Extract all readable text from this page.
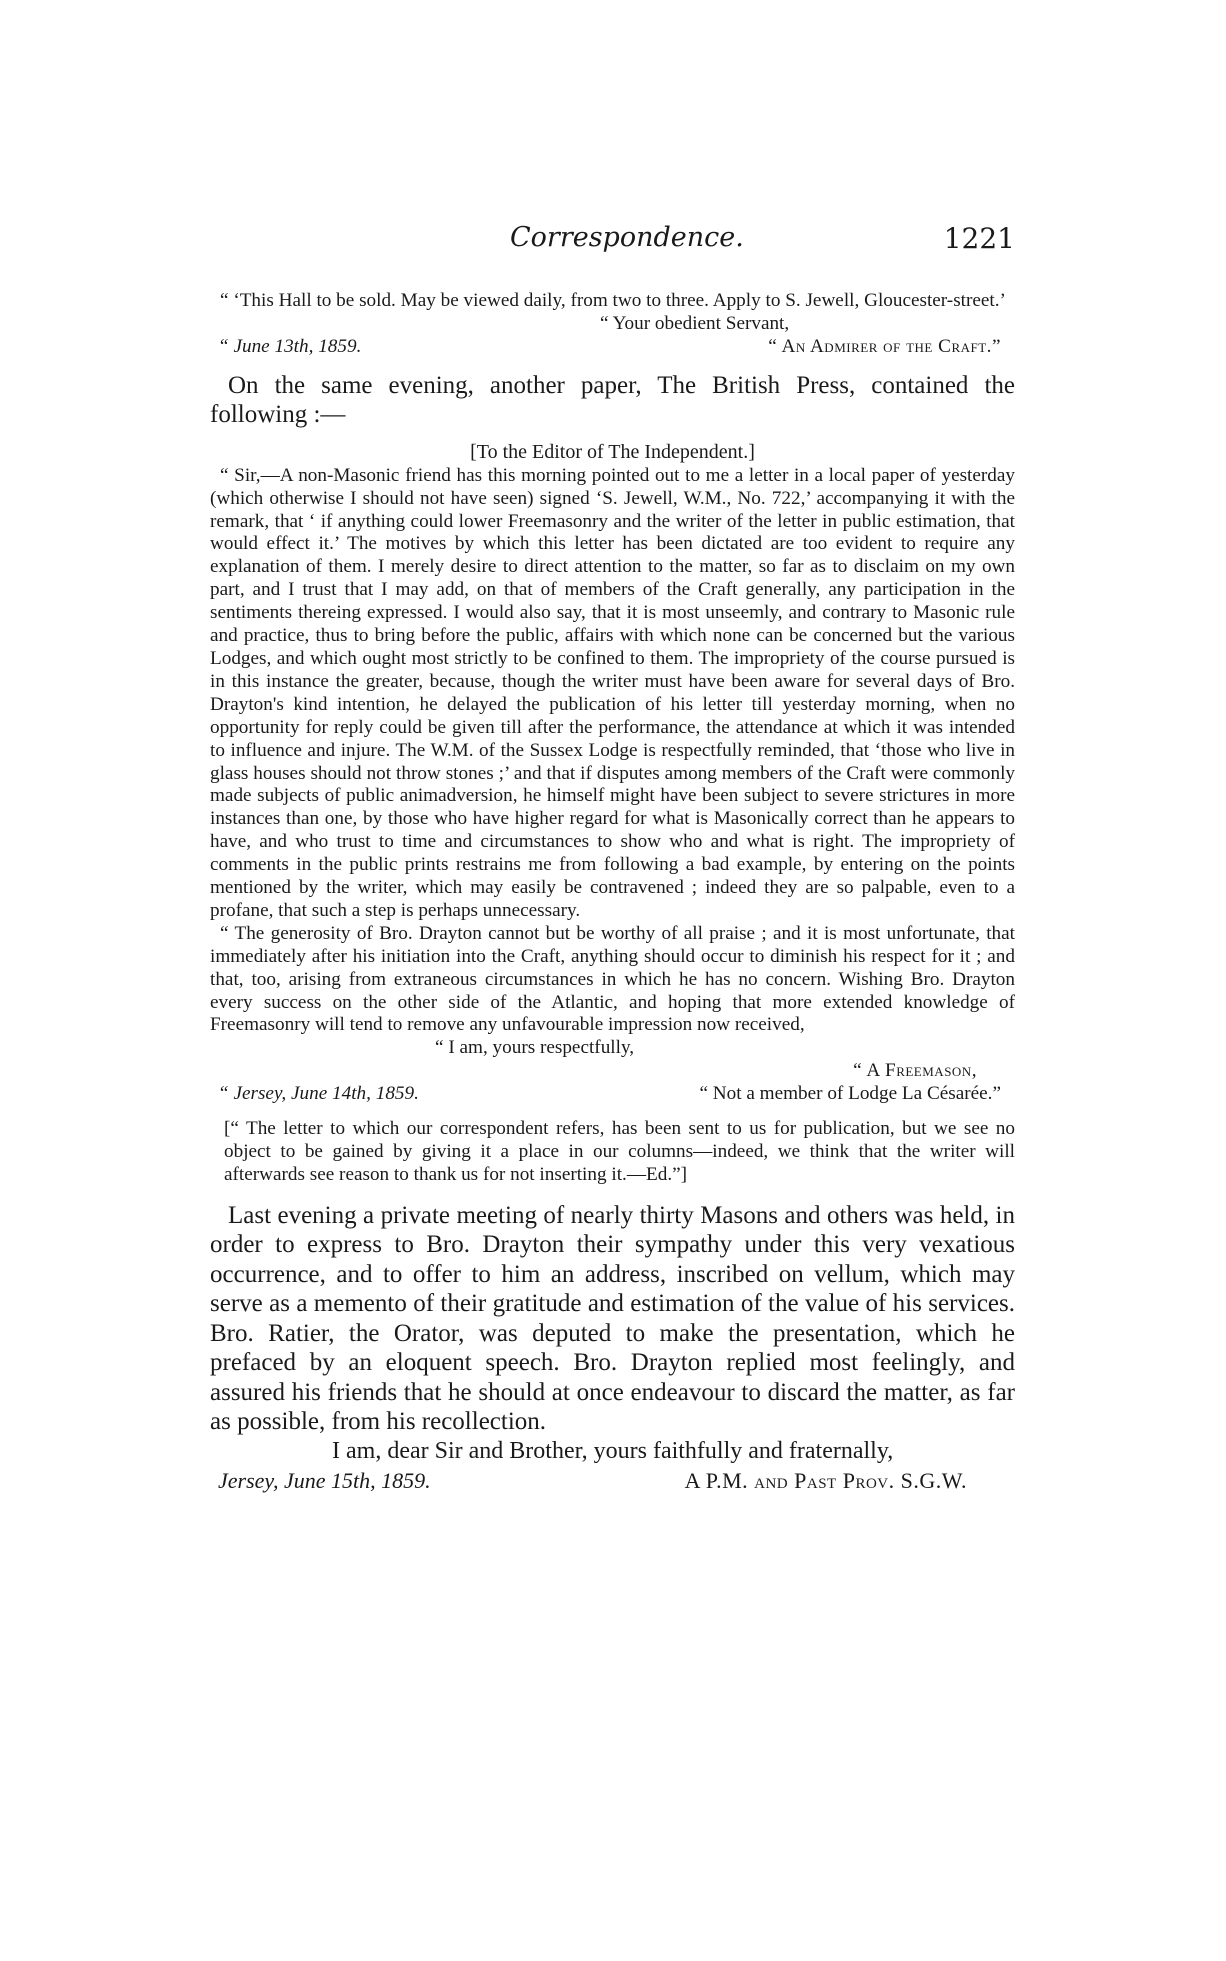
Correspondence.	1221

“ ‘This Hall to be sold. May be viewed daily, from two to three. Apply to S. Jewell, Gloucester-street.’

“ Your obedient Servant,

“ June 13th, 1859.	“ An Admirer of the Craft.”

On the same evening, another paper, The British Press, contained the following :—

[To the Editor of The Independent.]

“ Sir,—A non-Masonic friend has this morning pointed out to me a letter in a local paper of yesterday (which otherwise I should not have seen) signed ‘S. Jewell, W.M., No. 722,’ accompanying it with the remark, that ‘ if anything could lower Freemasonry and the writer of the letter in public estimation, that would effect it.’ The motives by which this letter has been dictated are too evident to require any explanation of them. I merely desire to direct attention to the matter, so far as to disclaim on my own part, and I trust that I may add, on that of members of the Craft generally, any participation in the sentiments thereing expressed. I would also say, that it is most unseemly, and contrary to Masonic rule and practice, thus to bring before the public, affairs with which none can be concerned but the various Lodges, and which ought most strictly to be confined to them. The impropriety of the course pursued is in this instance the greater, because, though the writer must have been aware for several days of Bro. Drayton's kind intention, he delayed the publication of his letter till yesterday morning, when no opportunity for reply could be given till after the performance, the attendance at which it was intended to influence and injure. The W.M. of the Sussex Lodge is respectfully reminded, that ‘those who live in glass houses should not throw stones ;’ and that if disputes among members of the Craft were commonly made subjects of public animadversion, he himself might have been subject to severe strictures in more instances than one, by those who have higher regard for what is Masonically correct than he appears to have, and who trust to time and circumstances to show who and what is right. The impropriety of comments in the public prints restrains me from following a bad example, by entering on the points mentioned by the writer, which may easily be contravened ; indeed they are so palpable, even to a profane, that such a step is perhaps unnecessary.

“ The generosity of Bro. Drayton cannot but be worthy of all praise ; and it is most unfortunate, that immediately after his initiation into the Craft, anything should occur to diminish his respect for it ; and that, too, arising from extraneous circumstances in which he has no concern. Wishing Bro. Drayton every success on the other side of the Atlantic, and hoping that more extended knowledge of Freemasonry will tend to remove any unfavourable impression now received,

“ I am, yours respectfully,

“ A Freemason,

“ Jersey, June 14th, 1859.	“ Not a member of Lodge La Césarée.”

[“ The letter to which our correspondent refers, has been sent to us for publication, but we see no object to be gained by giving it a place in our columns—indeed, we think that the writer will afterwards see reason to thank us for not inserting it.—Ed.”]

Last evening a private meeting of nearly thirty Masons and others was held, in order to express to Bro. Drayton their sympathy under this very vexatious occurrence, and to offer to him an address, inscribed on vellum, which may serve as a memento of their gratitude and estimation of the value of his services. Bro. Ratier, the Orator, was deputed to make the presentation, which he prefaced by an eloquent speech. Bro. Drayton replied most feelingly, and assured his friends that he should at once endeavour to discard the matter, as far as possible, from his recollection.

I am, dear Sir and Brother, yours faithfully and fraternally,

Jersey, June 15th, 1859.	A P.M. and Past Prov. S.G.W.
